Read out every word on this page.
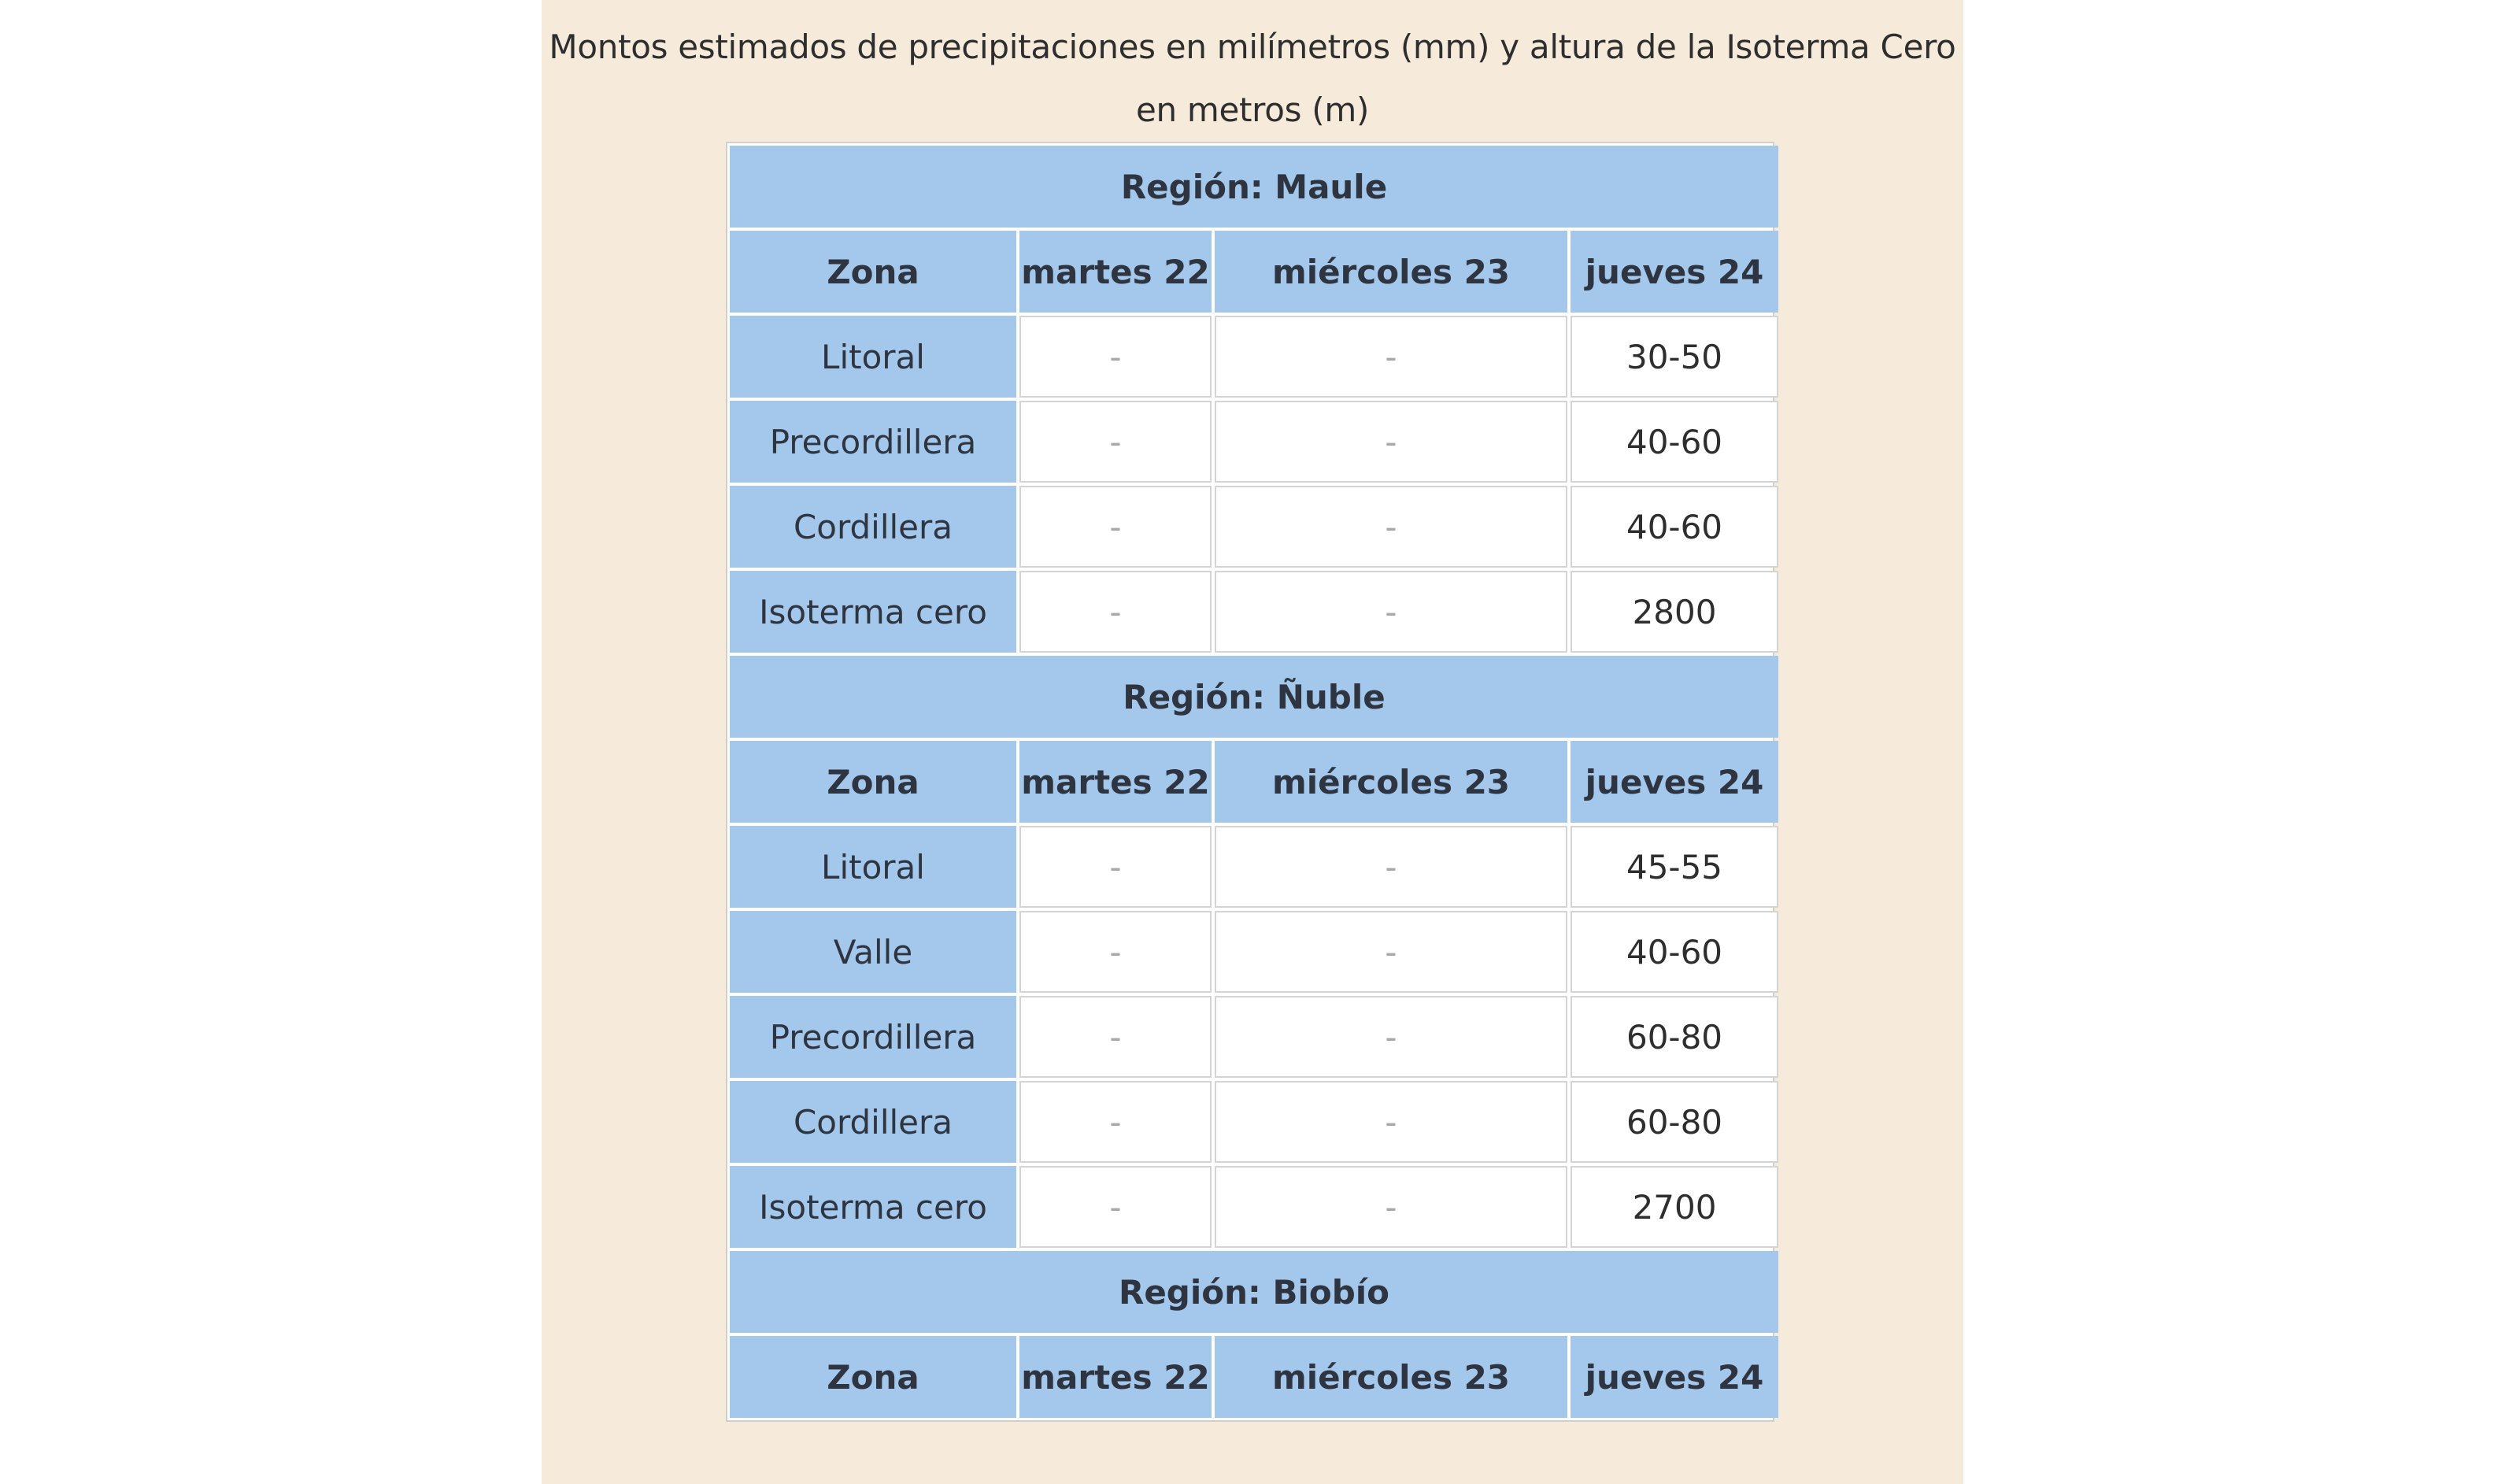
Montos estimados de precipitaciones en milímetros (mm) y altura de la Isoterma Cero en metros (m)
Región: Maule			
Zona	martes 22	miércoles 23	jueves 24
Litoral	-	-	30-50
Precordillera	-	-	40-60
Cordillera	-	-	40-60
Isoterma cero	-	-	2800
Región: Ñuble			
Zona	martes 22	miércoles 23	jueves 24
Litoral	-	-	45-55
Valle	-	-	40-60
Precordillera	-	-	60-80
Cordillera	-	-	60-80
Isoterma cero	-	-	2700
Región: Biobío			
Zona	martes 22	miércoles 23	jueves 24
